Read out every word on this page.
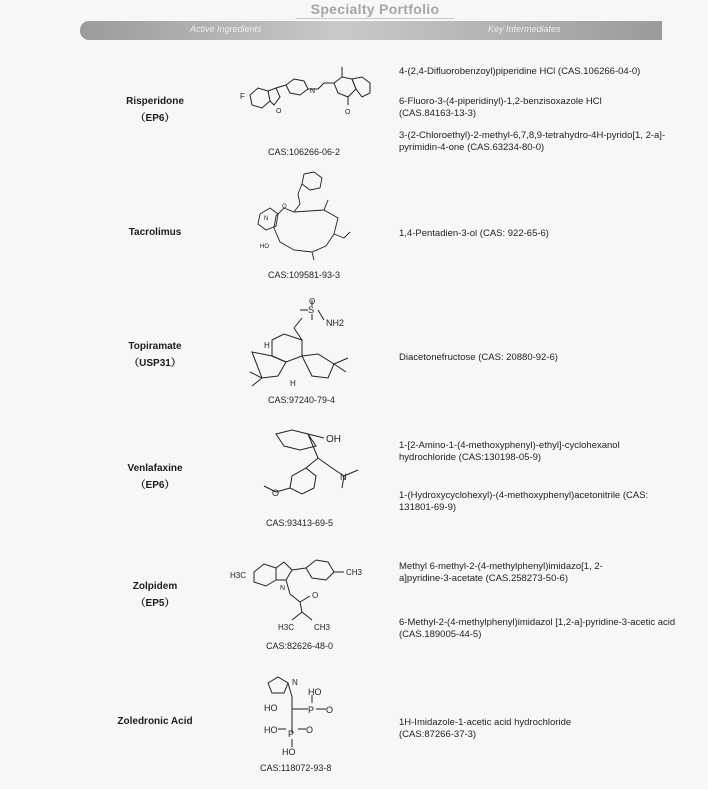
Specialty Portfolio
Active Ingredients	Key Intermediates
Risperidone
（EP6）
F
O
N
O
CAS:106266-06-2
4-(2,4-Difluorobenzoyl)piperidine HCl (CAS.106266-04-0)
6-Fluoro-3-(4-piperidinyl)-1,2-benzisoxazole HCl (CAS.84163-13-3)
3-(2-Chloroethyl)-2-methyl-6,7,8,9-tetrahydro-4H-pyrido[1, 2-a]-pyrimidin-4-one (CAS.63234-80-0)
Tacrolimus
HO
O
N
CAS:109581-93-3
1,4-Pentadien-3-ol (CAS: 922-65-6)
Topiramate
（USP31）
S
O
NH2
H
H
CAS:97240-79-4
Diacetonefructose (CAS: 20880-92-6)
Venlafaxine
（EP6）
OH
N
O
CAS:93413-69-5
1-[2-Amino-1-(4-methoxyphenyl)-ethyl]-cyclohexanol hydrochloride (CAS:130198-05-9)
1-(Hydroxycyclohexyl)-(4-methoxyphenyl)acetonitrile (CAS: 131801-69-9)
Zolpidem
（EP5）
H3C	CH3
N
O
H3C CH3
CAS:82626-48-0
Methyl 6-methyl-2-(4-methylphenyl)imidazo[1, 2-a]pyridine-3-acetate (CAS.258273-50-6)
6-Methyl-2-(4-methylphenyl)imidazol [1,2-a]-pyridine-3-acetic acid (CAS.189005-44-5)
Zoledronic Acid
HO	P
HO
O
P
HO	O
HO
N
CAS:118072-93-8
1H-Imidazole-1-acetic acid hydrochloride (CAS:87266-37-3)
